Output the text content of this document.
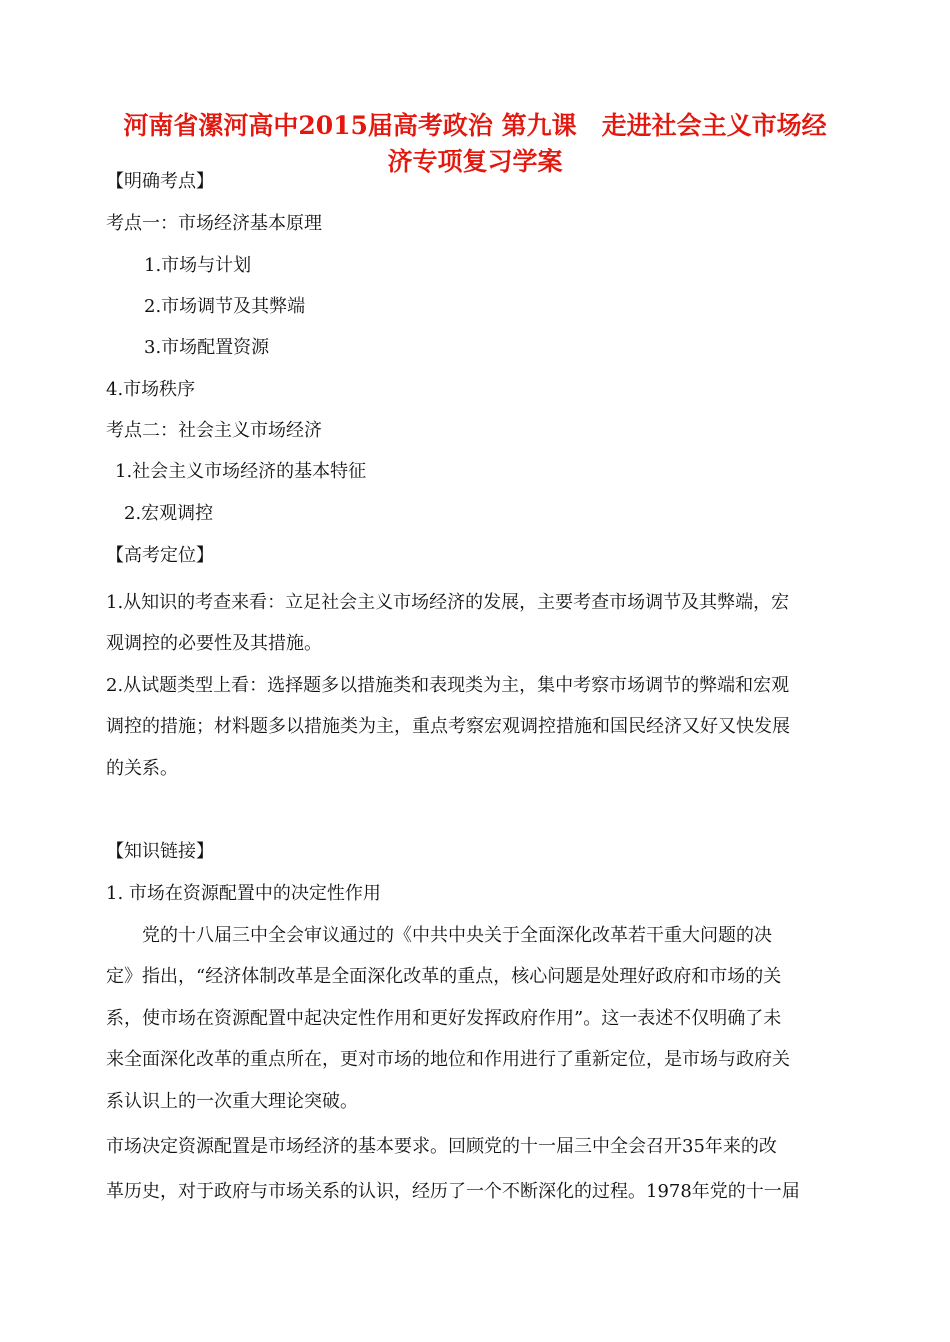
河南省漯河高中2015届高考政治 第九课　走进社会主义市场经
济专项复习学案
【明确考点】
考点一：市场经济基本原理
1.市场与计划
2.市场调节及其弊端
3.市场配置资源
4.市场秩序
考点二：社会主义市场经济
1.社会主义市场经济的基本特征
2.宏观调控
【高考定位】
1.从知识的考查来看：立足社会主义市场经济的发展，主要考查市场调节及其弊端，宏
观调控的必要性及其措施。
2.从试题类型上看：选择题多以措施类和表现类为主，集中考察市场调节的弊端和宏观
调控的措施；材料题多以措施类为主，重点考察宏观调控措施和国民经济又好又快发展
的关系。
【知识链接】
1. 市场在资源配置中的决定性作用
　　党的十八届三中全会审议通过的《中共中央关于全面深化改革若干重大问题的决
定》指出，“经济体制改革是全面深化改革的重点，核心问题是处理好政府和市场的关
系，使市场在资源配置中起决定性作用和更好发挥政府作用”。这一表述不仅明确了未
来全面深化改革的重点所在，更对市场的地位和作用进行了重新定位，是市场与政府关
系认识上的一次重大理论突破。
市场决定资源配置是市场经济的基本要求。回顾党的十一届三中全会召开35年来的改
革历史，对于政府与市场关系的认识，经历了一个不断深化的过程。1978年党的十一届
